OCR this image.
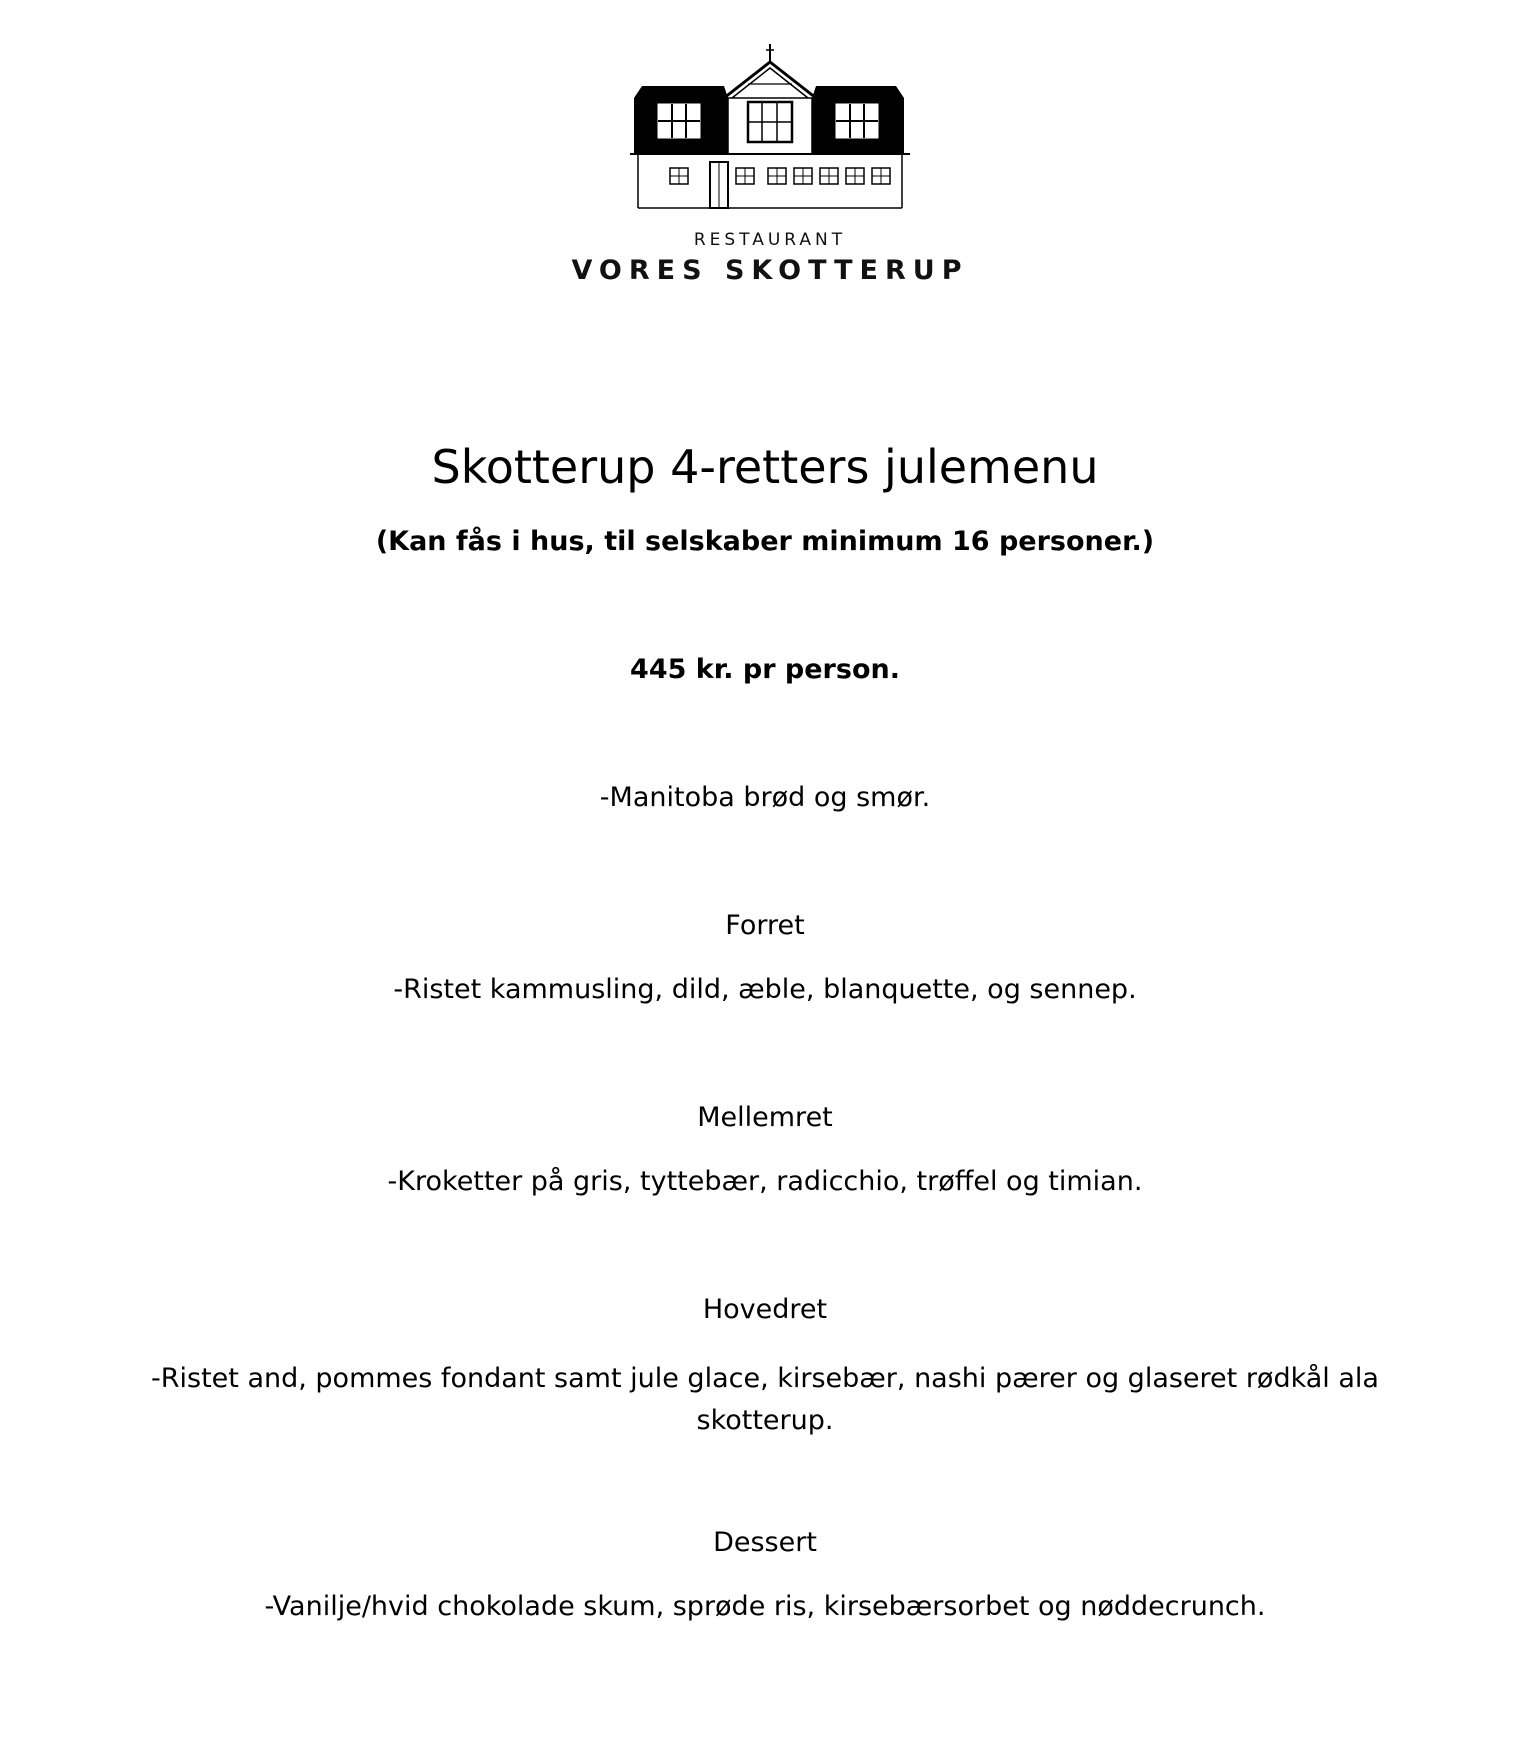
RESTAURANT
VORES SKOTTERUP
Skotterup 4-retters julemenu
(Kan fås i hus, til selskaber minimum 16 personer.)
445 kr. pr person.
-Manitoba brød og smør.
Forret
-Ristet kammusling, dild, æble, blanquette, og sennep.
Mellemret
-Kroketter på gris, tyttebær, radicchio, trøffel og timian.
Hovedret
-Ristet and, pommes fondant samt jule glace, kirsebær, nashi pærer og glaseret rødkål ala skotterup.
Dessert
-Vanilje/hvid chokolade skum, sprøde ris, kirsebærsorbet og nøddecrunch.
